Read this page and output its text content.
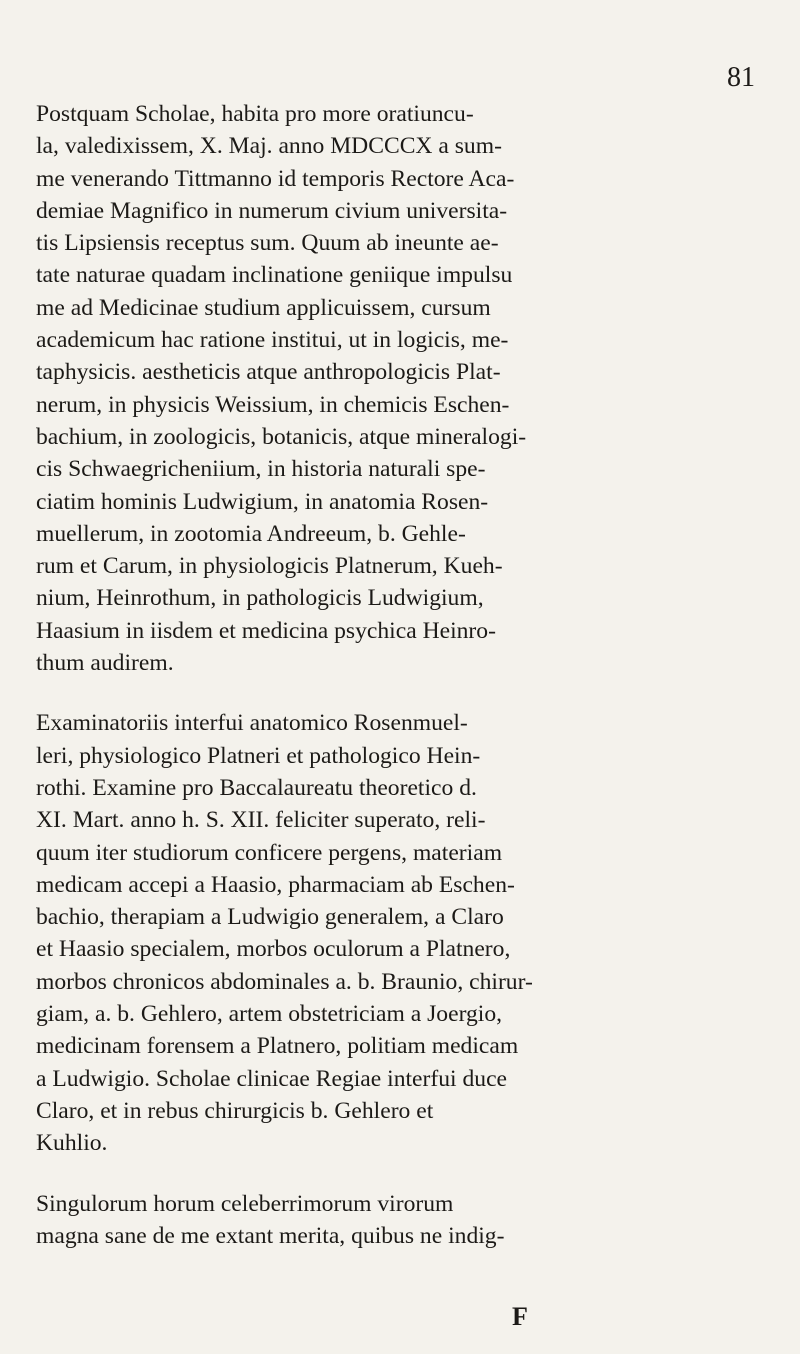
81
Postquam Scholae, habita pro more oratiuncu-
la, valedixissem, X. Maj. anno MDCCCX a sum-
me venerando Tittmanno id temporis Rectore Aca-
demiae Magnifico in numerum civium universita-
tis Lipsiensis receptus sum. Quum ab ineunte ae-
tate naturae quadam inclinatione geniique impulsu
me ad Medicinae studium applicuissem, cursum
academicum hac ratione institui, ut in logicis, me-
taphysicis. aestheticis atque anthropologicis Plat-
nerum, in physicis Weissium, in chemicis Eschen-
bachium, in zoologicis, botanicis, atque mineralogi-
cis Schwaegricheniium, in historia naturali spe-
ciatim hominis Ludwigium, in anatomia Rosen-
muellerum, in zootomia Andreeum, b. Gehle-
rum et Carum, in physiologicis Platnerum, Kueh-
nium, Heinrothum, in pathologicis Ludwigium,
Haasium in iisdem et medicina psychica Heinro-
thum audirem.
Examinatoriis interfui anatomico Rosenmuel-
leri, physiologico Platneri et pathologico Hein-
rothi. Examine pro Baccalaureatu theoretico d.
XI. Mart. anno h. S. XII. feliciter superato, reli-
quum iter studiorum conficere pergens, materiam
medicam accepi a Haasio, pharmaciam ab Eschen-
bachio, therapiam a Ludwigio generalem, a Claro
et Haasio specialem, morbos oculorum a Platnero,
morbos chronicos abdominales a. b. Braunio, chirur-
giam, a. b. Gehlero, artem obstetriciam a Joergio,
medicinam forensem a Platnero, politiam medicam
a Ludwigio. Scholae clinicae Regiae interfui duce
Claro, et in rebus chirurgicis b. Gehlero et
Kuhlio.
Singulorum horum celeberrimorum virorum
magna sane de me extant merita, quibus ne indig-
F
